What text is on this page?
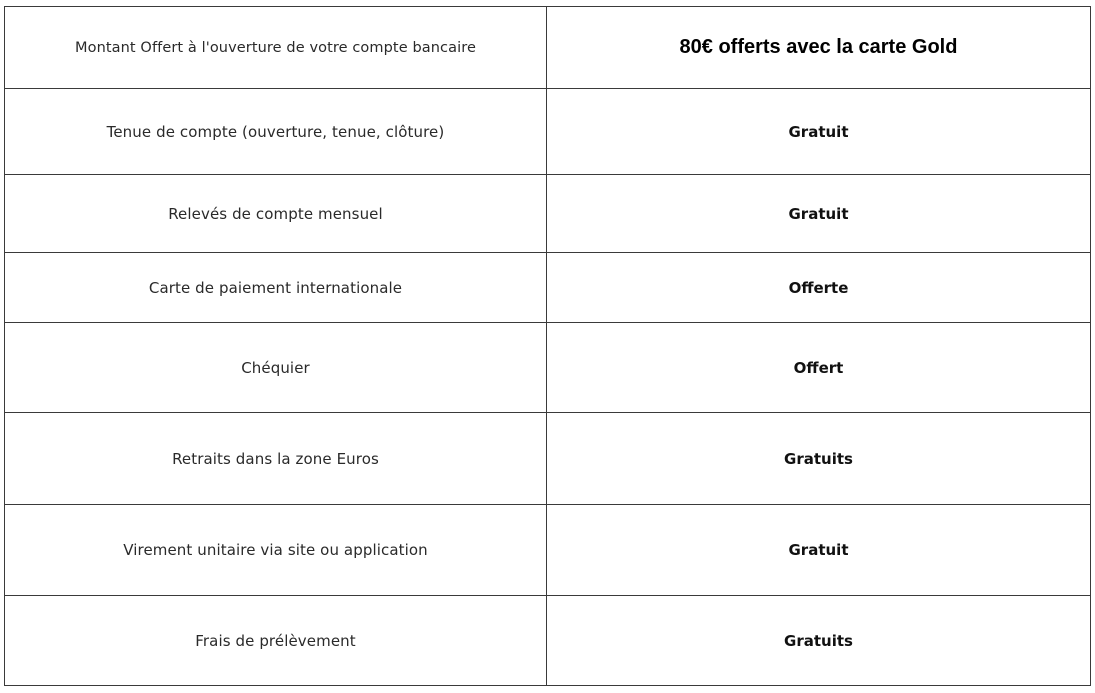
Montant Offert à l'ouverture de votre compte bancaire	80€ offerts avec la carte Gold
Tenue de compte (ouverture, tenue, clôture)	Gratuit
Relevés de compte mensuel	Gratuit
Carte de paiement internationale	Offerte
Chéquier	Offert
Retraits dans la zone Euros	Gratuits
Virement unitaire via site ou application	Gratuit
Frais de prélèvement	Gratuits
